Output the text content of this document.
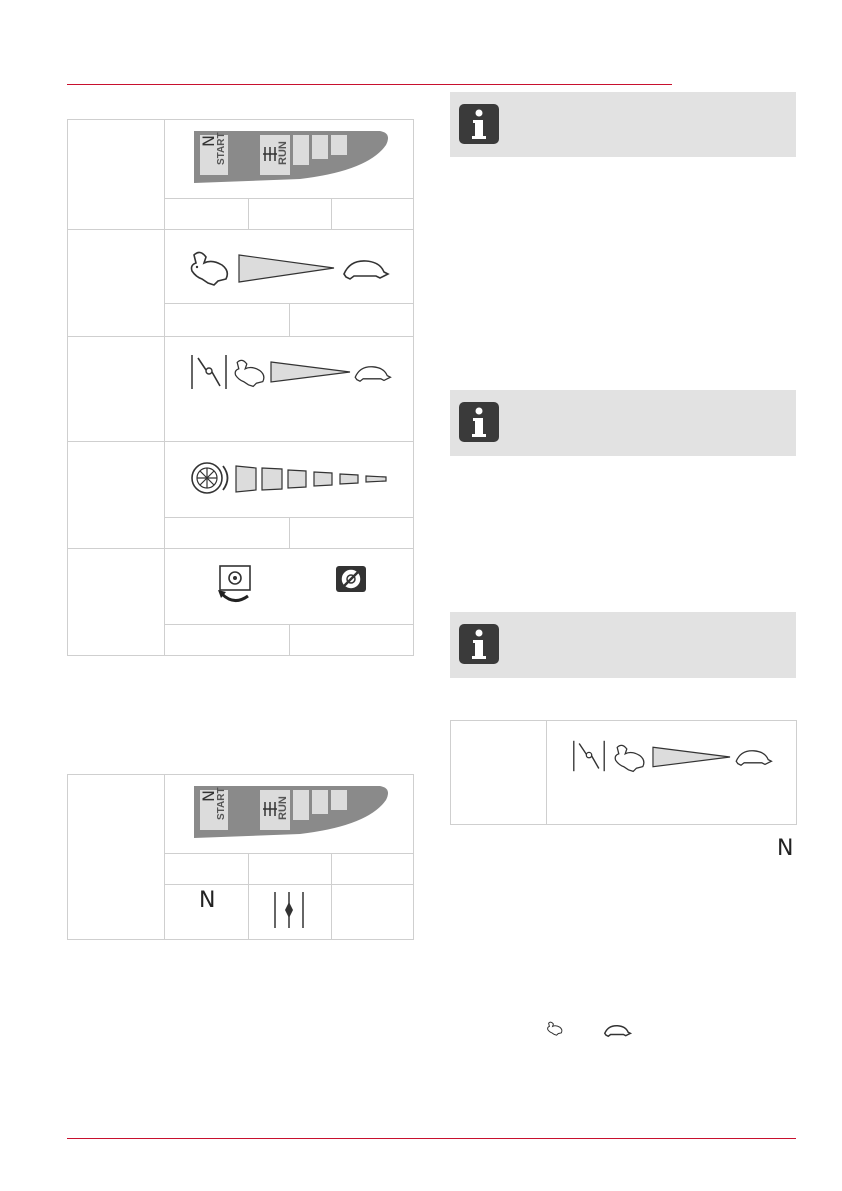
START	RUN
N
START	RUN
N
N
N
